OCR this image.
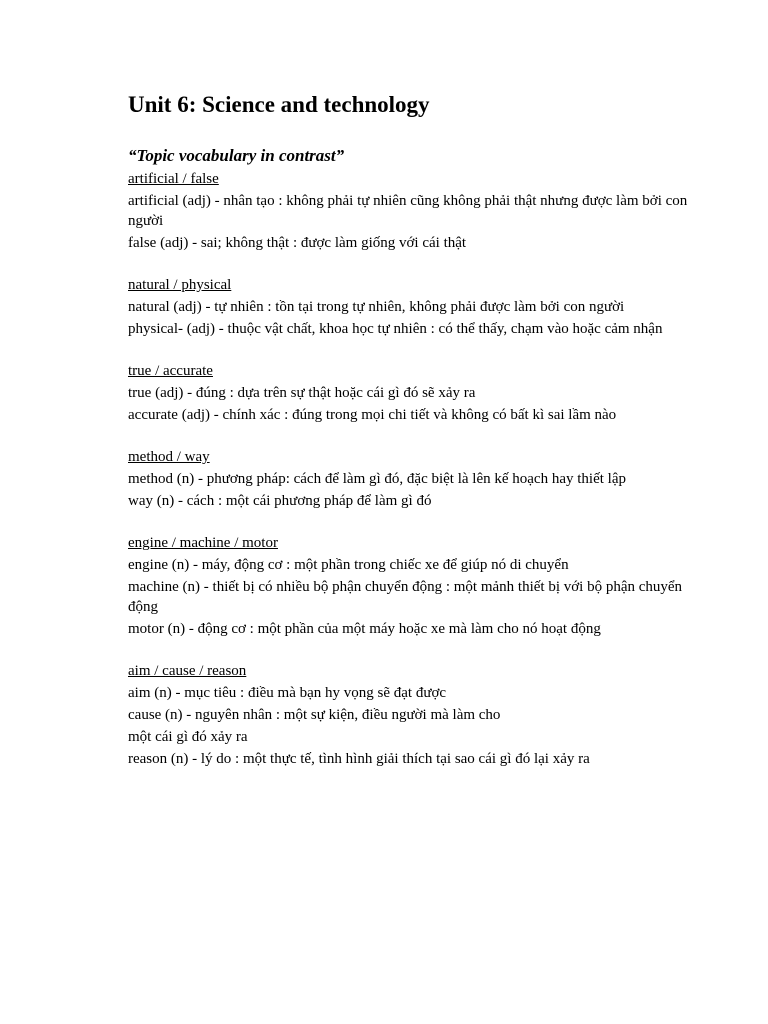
Unit 6: Science and technology

“Topic vocabulary in contrast”

artificial / false

artificial (adj) - nhân tạo : không phải tự nhiên cũng không phải thật nhưng được làm bởi con người

false (adj) - sai; không thật : được làm giống với cái thật

natural / physical

natural (adj) - tự nhiên : tồn tại trong tự nhiên, không phải được làm bởi con người

physical- (adj) - thuộc vật chất, khoa học tự nhiên : có thể thấy, chạm vào hoặc cảm nhận

true / accurate

true (adj) - đúng : dựa trên sự thật hoặc cái gì đó sẽ xảy ra

accurate (adj) - chính xác : đúng trong mọi chi tiết và không có bất kì sai lầm nào

method / way

method (n) - phương pháp: cách để làm gì đó, đặc biệt là lên kế hoạch hay thiết lập

way (n) - cách : một cái phương pháp để làm gì đó

engine / machine / motor

engine (n) - máy, động cơ : một phần trong chiếc xe để giúp nó di chuyển

machine (n) - thiết bị có nhiều bộ phận chuyển động : một mảnh thiết bị với bộ phận chuyển động

motor (n) - động cơ : một phần của một máy hoặc xe mà làm cho nó hoạt động

aim / cause / reason

aim (n) - mục tiêu : điều mà bạn hy vọng sẽ đạt được

cause (n) - nguyên nhân : một sự kiện, điều người mà làm cho

một cái gì đó xảy ra

reason (n) - lý do : một thực tế, tình hình giải thích tại sao cái gì đó lại xảy ra
